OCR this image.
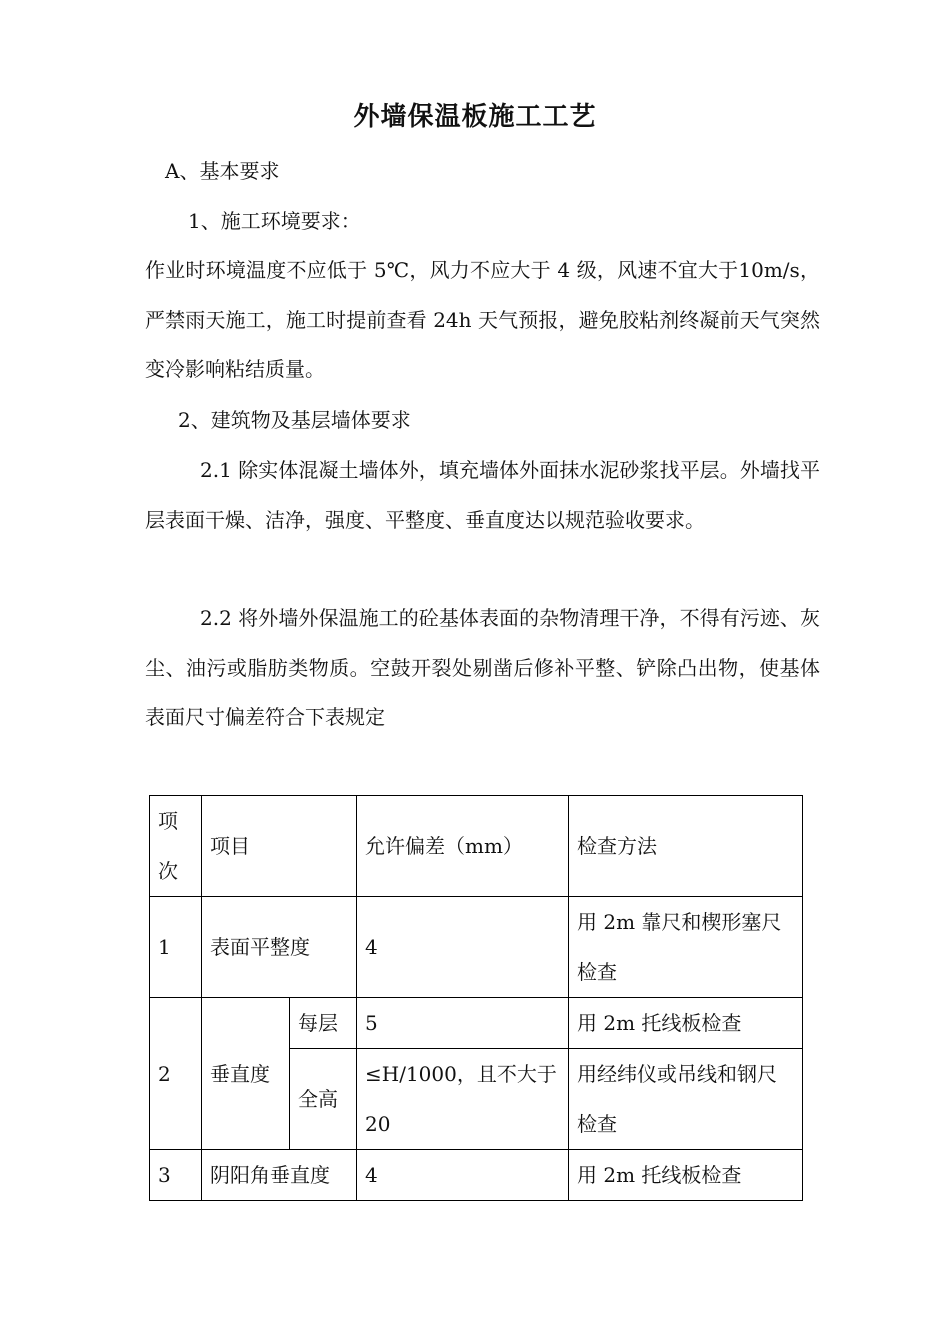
外墙保温板施工工艺
A、基本要求
1、施工环境要求：
作业时环境温度不应低于 5℃，风力不应大于 4 级，风速不宜大于10m/s，严禁雨天施工，施工时提前查看 24h 天气预报，避免胶粘剂终凝前天气突然变冷影响粘结质量。
2、建筑物及基层墙体要求
2.1 除实体混凝土墙体外，填充墙体外面抹水泥砂浆找平层。外墙找平层表面干燥、洁净，强度、平整度、垂直度达以规范验收要求。
2.2 将外墙外保温施工的砼基体表面的杂物清理干净，不得有污迹、灰尘、油污或脂肪类物质。空鼓开裂处剔凿后修补平整、铲除凸出物，使基体表面尺寸偏差符合下表规定
项次	项目		允许偏差（mm）	检查方法
1	表面平整度		4	用 2m 靠尺和楔形塞尺检查
2	垂直度	每层	5	用 2m 托线板检查
		全高	≤H/1000，且不大于20	用经纬仪或吊线和钢尺检查
3	阴阳角垂直度		4	用 2m 托线板检查
